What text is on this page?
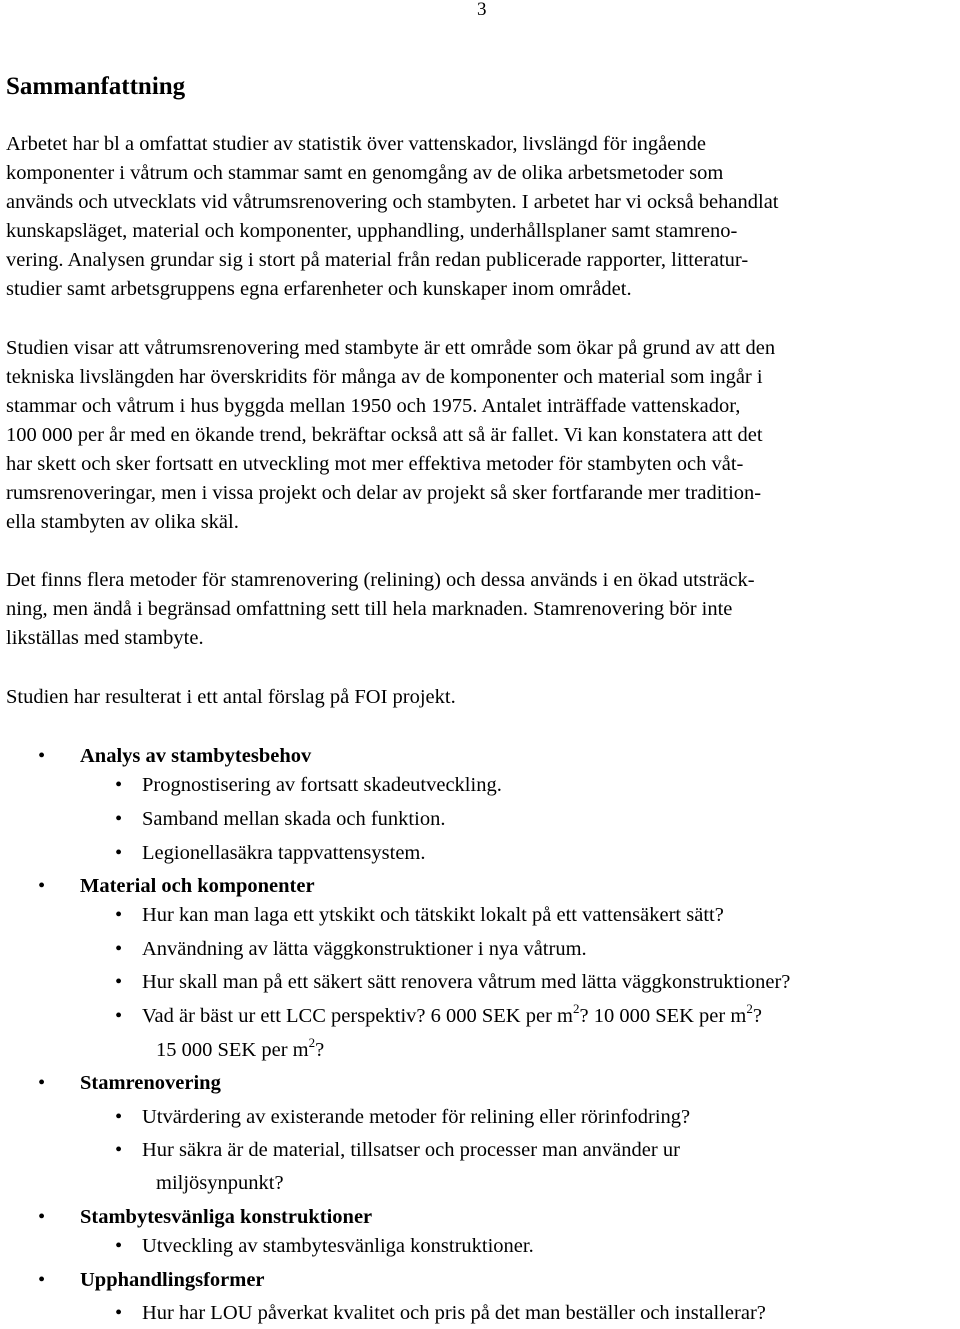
3
Sammanfattning

Arbetet har bl a omfattat studier av statistik över vattenskador, livslängd för ingående
komponenter i våtrum och stammar samt en genomgång av de olika arbetsmetoder som
används och utvecklats vid våtrumsrenovering och stambyten. I arbetet har vi också behandlat
kunskapsläget, material och komponenter, upphandling, underhållsplaner samt stamreno-
vering. Analysen grundar sig i stort på material från redan publicerade rapporter, litteratur-
studier samt arbetsgruppens egna erfarenheter och kunskaper inom området.

Studien visar att våtrumsrenovering med stambyte är ett område som ökar på grund av att den
tekniska livslängden har överskridits för många av de komponenter och material som ingår i
stammar och våtrum i hus byggda mellan 1950 och 1975. Antalet inträffade vattenskador,
100 000 per år med en ökande trend, bekräftar också att så är fallet. Vi kan konstatera att det
har skett och sker fortsatt en utveckling mot mer effektiva metoder för stambyten och våt-
rumsrenoveringar, men i vissa projekt och delar av projekt så sker fortfarande mer tradition-
ella stambyten av olika skäl.

Det finns flera metoder för stamrenovering (relining) och dessa används i en ökad utsträck-
ning, men ändå i begränsad omfattning sett till hela marknaden. Stamrenovering bör inte
likställas med stambyte.

Studien har resulterat i ett antal förslag på FOI projekt.

• Analys av stambytesbehov
• Prognostisering av fortsatt skadeutveckling.
• Samband mellan skada och funktion.
• Legionellasäkra tappvattensystem.
• Material och komponenter
• Hur kan man laga ett ytskikt och tätskikt lokalt på ett vattensäkert sätt?
• Användning av lätta väggkonstruktioner i nya våtrum.
• Hur skall man på ett säkert sätt renovera våtrum med lätta väggkonstruktioner?
• Vad är bäst ur ett LCC perspektiv? 6 000 SEK per $m^2$? 10 000 SEK per $m^2$?
15 000 SEK per $m^2$?
• Stamrenovering
• Utvärdering av existerande metoder för relining eller rörinfodring?
• Hur säkra är de material, tillsatser och processer man använder ur
miljösynpunkt?
• Stambytesvänliga konstruktioner
• Utveckling av stambytesvänliga konstruktioner.
• Upphandlingsformer
• Hur har LOU påverkat kvalitet och pris på det man beställer och installerar?
